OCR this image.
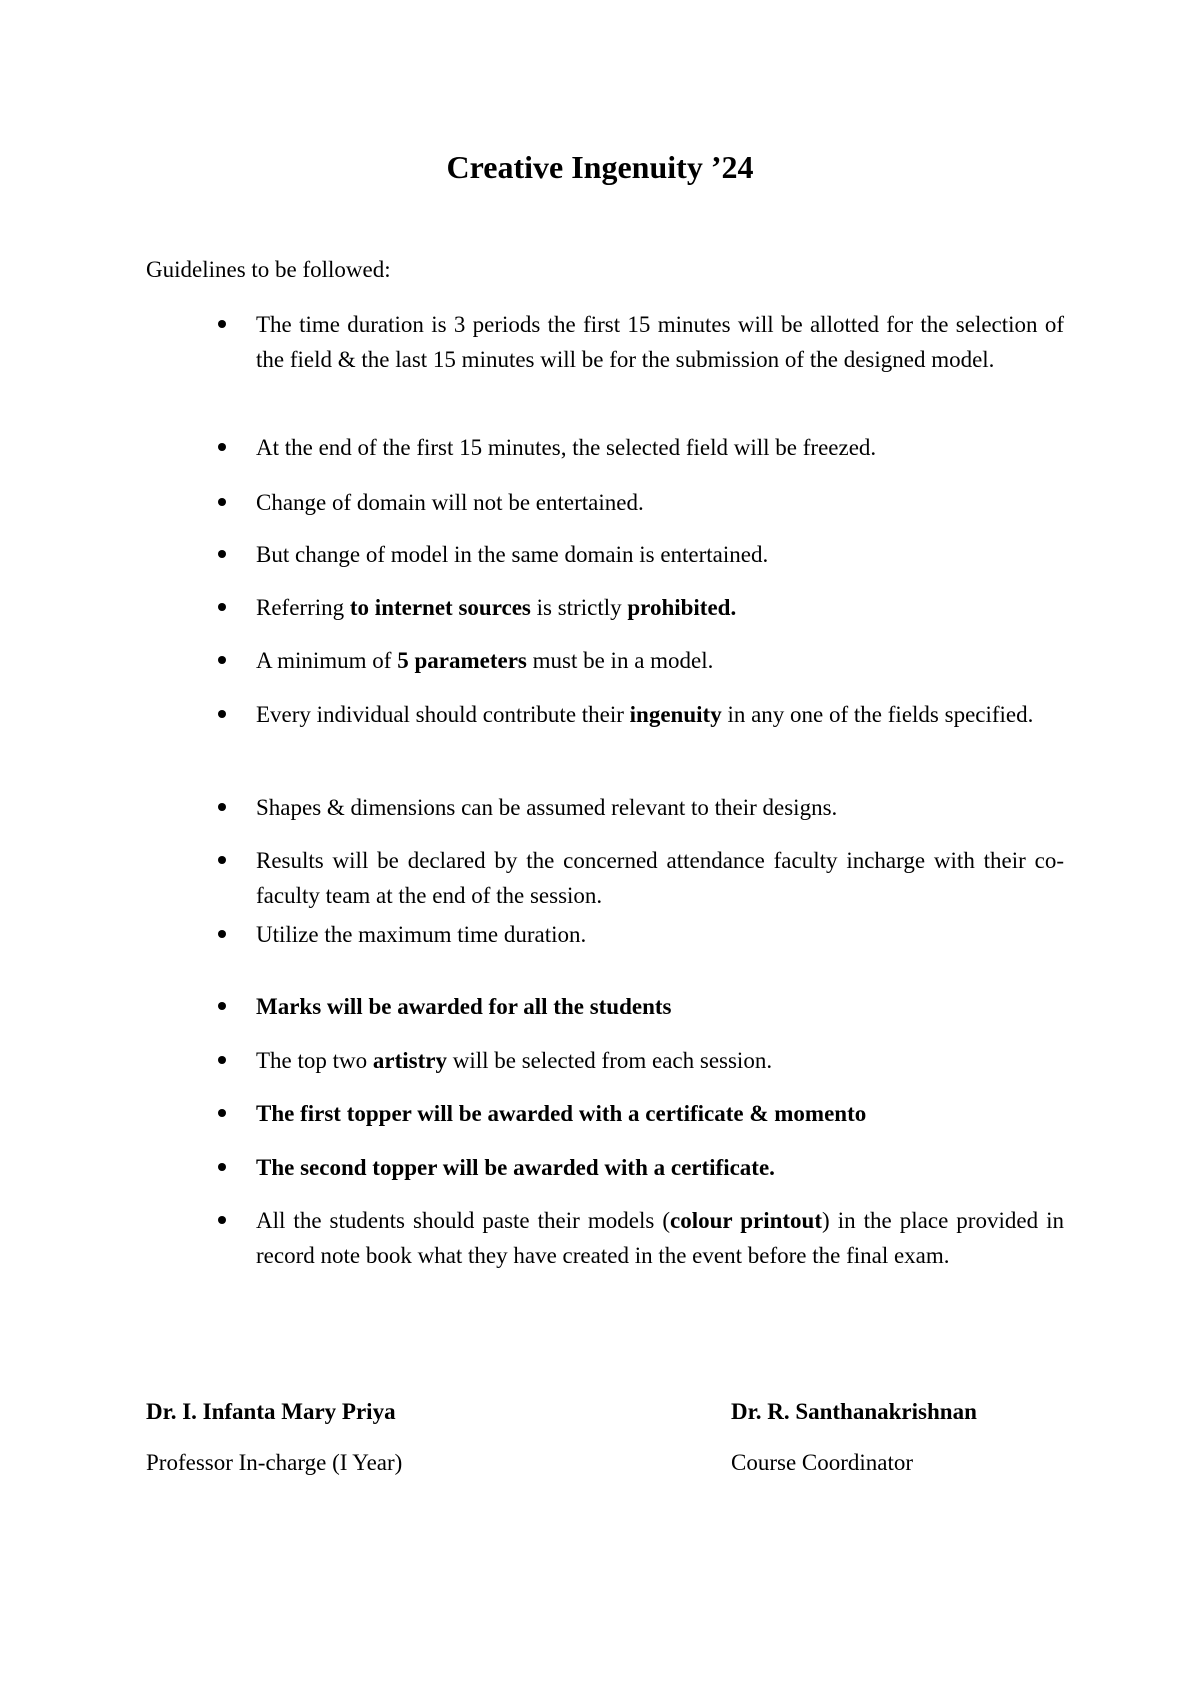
Creative Ingenuity ’24
Guidelines to be followed:
The time duration is 3 periods the first 15 minutes will be allotted for the selection of the field & the last 15 minutes will be for the submission of the designed model.
At the end of the first 15 minutes, the selected field will be freezed.
Change of domain will not be entertained.
But change of model in the same domain is entertained.
Referring to internet sources is strictly prohibited.
A minimum of 5 parameters must be in a model.
Every individual should contribute their ingenuity in any one of the fields specified.
Shapes & dimensions can be assumed relevant to their designs.
Results will be declared by the concerned attendance faculty incharge with their co-faculty team at the end of the session.
Utilize the maximum time duration.
Marks will be awarded for all the students
The top two artistry will be selected from each session.
The first topper will be awarded with a certificate & momento
The second topper will be awarded with a certificate.
All the students should paste their models (colour printout) in the place provided in record note book what they have created in the event before the final exam.
Dr. I. Infanta Mary Priya
Professor In-charge (I Year)
Dr. R. Santhanakrishnan
Course Coordinator
